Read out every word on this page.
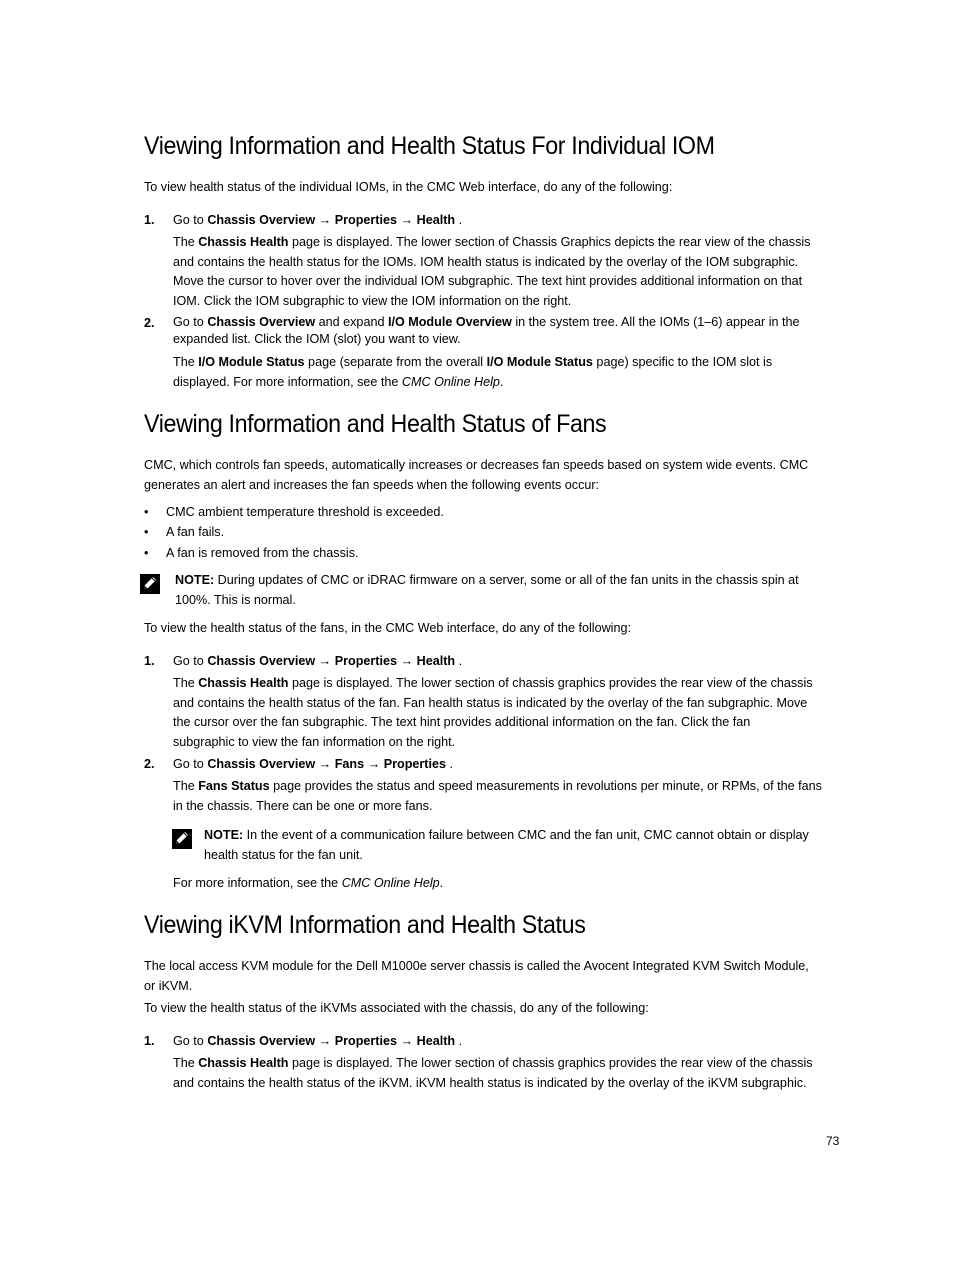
Viewing Information and Health Status For Individual IOM

To view health status of the individual IOMs, in the CMC Web interface, do any of the following:

1. Go to Chassis Overview → Properties → Health .

The Chassis Health page is displayed. The lower section of Chassis Graphics depicts the rear view of the chassis
and contains the health status for the IOMs. IOM health status is indicated by the overlay of the IOM subgraphic.
Move the cursor to hover over the individual IOM subgraphic. The text hint provides additional information on that
IOM. Click the IOM subgraphic to view the IOM information on the right.

2. Go to Chassis Overview and expand I/O Module Overview in the system tree. All the IOMs (1–6) appear in the
expanded list. Click the IOM (slot) you want to view.

The I/O Module Status page (separate from the overall I/O Module Status page) specific to the IOM slot is
displayed. For more information, see the CMC Online Help.

Viewing Information and Health Status of Fans

CMC, which controls fan speeds, automatically increases or decreases fan speeds based on system wide events. CMC
generates an alert and increases the fan speeds when the following events occur:

• CMC ambient temperature threshold is exceeded.
• A fan fails.
• A fan is removed from the chassis.

NOTE: During updates of CMC or iDRAC firmware on a server, some or all of the fan units in the chassis spin at
100%. This is normal.

To view the health status of the fans, in the CMC Web interface, do any of the following:

1. Go to Chassis Overview → Properties → Health .

The Chassis Health page is displayed. The lower section of chassis graphics provides the rear view of the chassis
and contains the health status of the fan. Fan health status is indicated by the overlay of the fan subgraphic. Move
the cursor over the fan subgraphic. The text hint provides additional information on the fan. Click the fan
subgraphic to view the fan information on the right.

2. Go to Chassis Overview → Fans → Properties .

The Fans Status page provides the status and speed measurements in revolutions per minute, or RPMs, of the fans
in the chassis. There can be one or more fans.

NOTE: In the event of a communication failure between CMC and the fan unit, CMC cannot obtain or display
health status for the fan unit.

For more information, see the CMC Online Help.

Viewing iKVM Information and Health Status

The local access KVM module for the Dell M1000e server chassis is called the Avocent Integrated KVM Switch Module,
or iKVM.

To view the health status of the iKVMs associated with the chassis, do any of the following:

1. Go to Chassis Overview → Properties → Health .

The Chassis Health page is displayed. The lower section of chassis graphics provides the rear view of the chassis
and contains the health status of the iKVM. iKVM health status is indicated by the overlay of the iKVM subgraphic.

73
